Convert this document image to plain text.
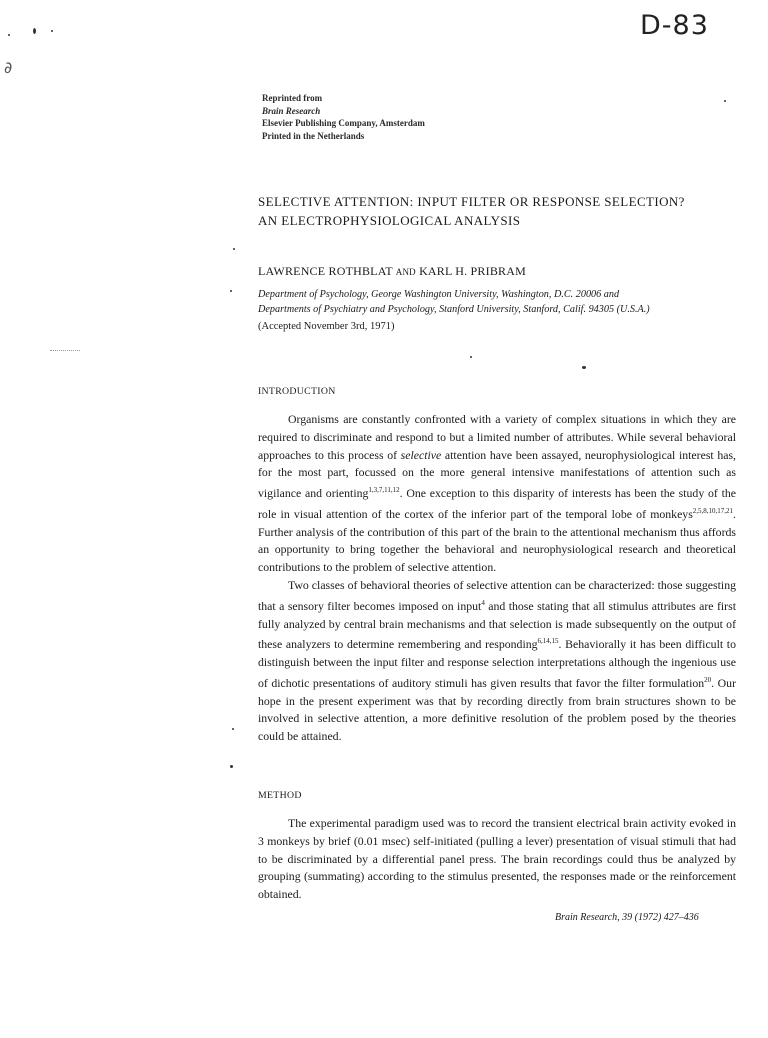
D-83
∂
Reprinted from
Brain Research
Elsevier Publishing Company, Amsterdam
Printed in the Netherlands
SELECTIVE ATTENTION: INPUT FILTER OR RESPONSE SELECTION?
AN ELECTROPHYSIOLOGICAL ANALYSIS
LAWRENCE ROTHBLAT AND KARL H. PRIBRAM
Department of Psychology, George Washington University, Washington, D.C. 20006 and
Departments of Psychiatry and Psychology, Stanford University, Stanford, Calif. 94305 (U.S.A.)
(Accepted November 3rd, 1971)
INTRODUCTION

Organisms are constantly confronted with a variety of complex situations in which they are required to discriminate and respond to but a limited number of attributes. While several behavioral approaches to this process of selective attention have been assayed, neurophysiological interest has, for the most part, focussed on the more general intensive manifestations of attention such as vigilance and orienting$^{1,3,7,11,12}$. One exception to this disparity of interests has been the study of the role in visual attention of the cortex of the inferior part of the temporal lobe of monkeys$^{2,5,8,10,17,21}$. Further analysis of the contribution of this part of the brain to the attentional mechanism thus affords an opportunity to bring together the behavioral and neurophysiological research and theoretical contributions to the problem of selective attention.

Two classes of behavioral theories of selective attention can be characterized: those suggesting that a sensory filter becomes imposed on input$^4$ and those stating that all stimulus attributes are first fully analyzed by central brain mechanisms and that selection is made subsequently on the output of these analyzers to determine remembering and responding$^{6,14,15}$. Behaviorally it has been difficult to distinguish between the input filter and response selection interpretations although the ingenious use of dichotic presentations of auditory stimuli has given results that favor the filter formulation$^{20}$. Our hope in the present experiment was that by recording directly from brain structures shown to be involved in selective attention, a more definitive resolution of the problem posed by the theories could be attained.

METHOD

The experimental paradigm used was to record the transient electrical brain activity evoked in 3 monkeys by brief (0.01 msec) self-initiated (pulling a lever) presentation of visual stimuli that had to be discriminated by a differential panel press. The brain recordings could thus be analyzed by grouping (summating) according to the stimulus presented, the responses made or the reinforcement obtained.

Brain Research, 39 (1972) 427–436
